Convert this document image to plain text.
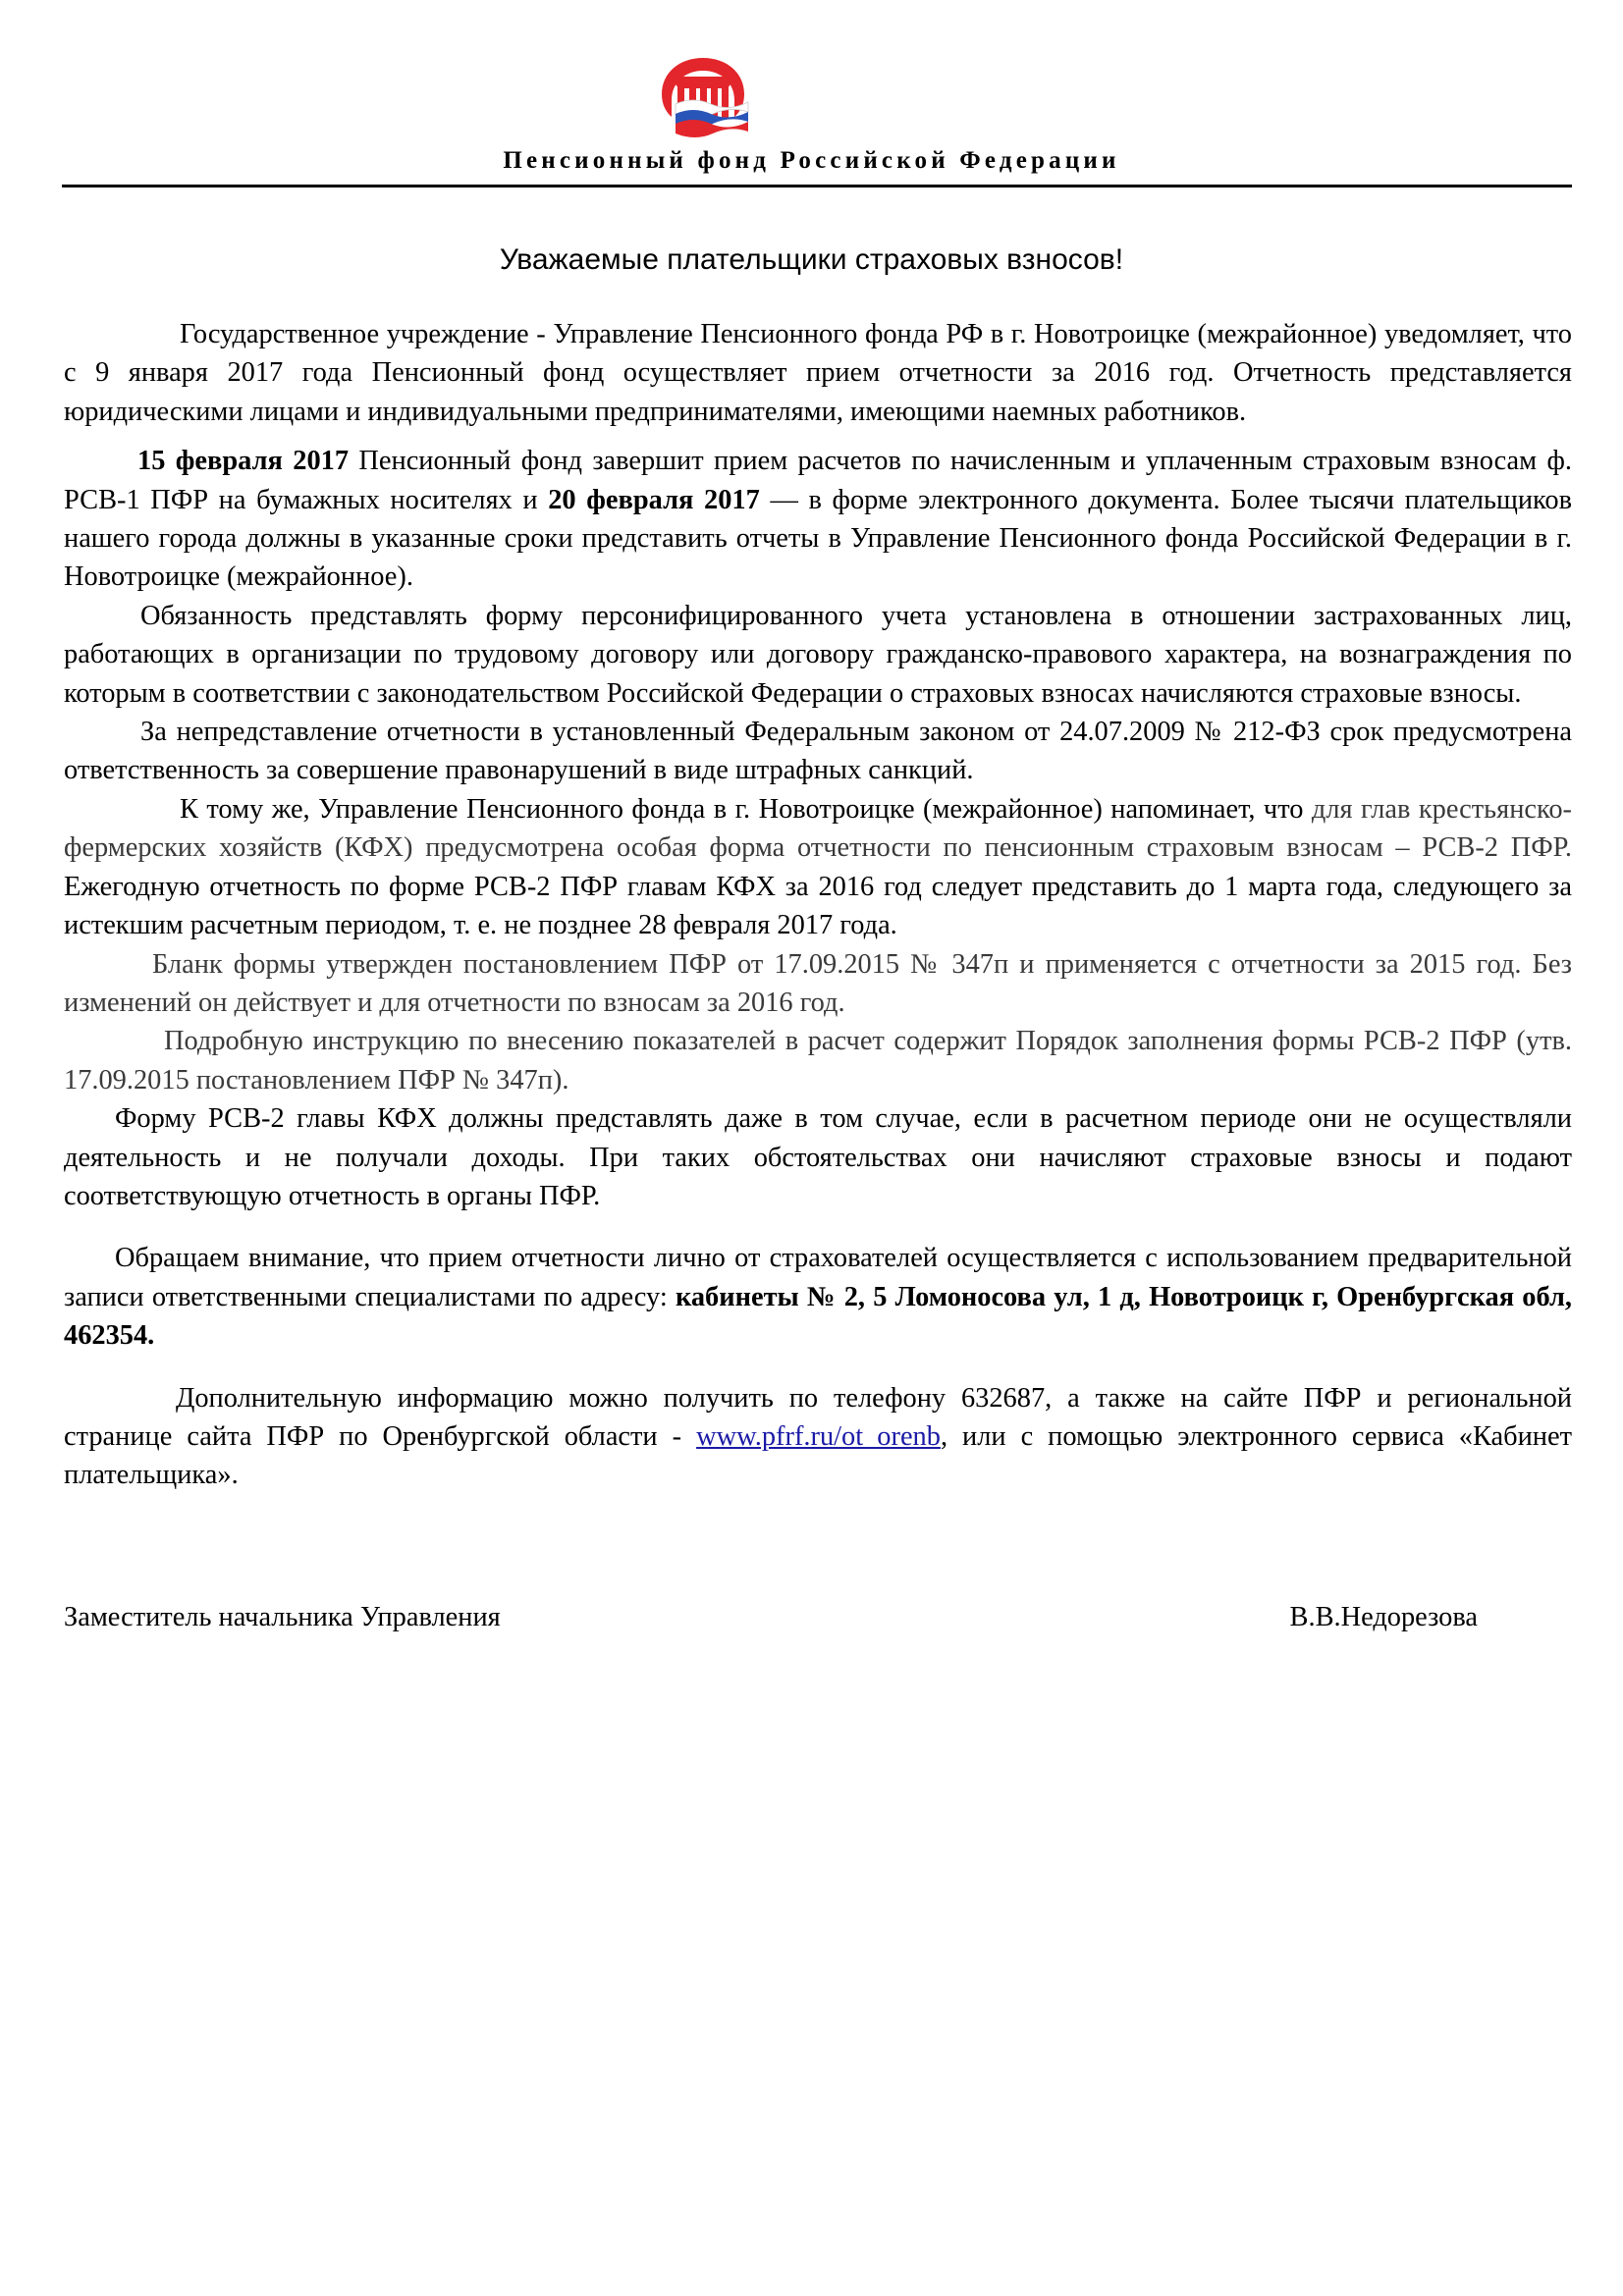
Пенсионный фонд Российской Федерации
Уважаемые плательщики страховых взносов!

Государственное учреждение - Управление Пенсионного фонда РФ в г. Новотроицке (межрайонное) уведомляет, что с 9 января 2017 года Пенсионный фонд осуществляет прием отчетности за 2016 год. Отчетность представляется юридическими лицами и индивидуальными предпринимателями, имеющими наемных работников.

15 февраля 2017 Пенсионный фонд завершит прием расчетов по начисленным и уплаченным страховым взносам ф. РСВ-1 ПФР на бумажных носителях и 20 февраля 2017 — в форме электронного документа. Более тысячи плательщиков нашего города должны в указанные сроки представить отчеты в Управление Пенсионного фонда Российской Федерации в г. Новотроицке (межрайонное).

Обязанность представлять форму персонифицированного учета установлена в отношении застрахованных лиц, работающих в организации по трудовому договору или договору гражданско-правового характера, на вознаграждения по которым в соответствии с законодательством Российской Федерации о страховых взносах начисляются страховые взносы.

За непредставление отчетности в установленный Федеральным законом от 24.07.2009 № 212-ФЗ срок предусмотрена ответственность за совершение правонарушений в виде штрафных санкций.

К тому же, Управление Пенсионного фонда в г. Новотроицке (межрайонное) напоминает, что для глав крестьянско-фермерских хозяйств (КФХ) предусмотрена особая форма отчетности по пенсионным страховым взносам – РСВ-2 ПФР. Ежегодную отчетность по форме РСВ-2 ПФР главам КФХ за 2016 год следует представить до 1 марта года, следующего за истекшим расчетным периодом, т. е. не позднее 28 февраля 2017 года.

Бланк формы утвержден постановлением ПФР от 17.09.2015 № 347п и применяется с отчетности за 2015 год. Без изменений он действует и для отчетности по взносам за 2016 год.

Подробную инструкцию по внесению показателей в расчет содержит Порядок заполнения формы РСВ-2 ПФР (утв. 17.09.2015 постановлением ПФР № 347п).

Форму РСВ-2 главы КФХ должны представлять даже в том случае, если в расчетном периоде они не осуществляли деятельность и не получали доходы. При таких обстоятельствах они начисляют страховые взносы и подают соответствующую отчетность в органы ПФР.

Обращаем внимание, что прием отчетности лично от страхователей осуществляется с использованием предварительной записи ответственными специалистами по адресу: кабинеты № 2, 5 Ломоносова ул, 1 д, Новотроицк г, Оренбургская обл, 462354.

Дополнительную информацию можно получить по телефону 632687, а также на сайте ПФР и региональной странице сайта ПФР по Оренбургской области - www.pfrf.ru/ot_orenb, или с помощью электронного сервиса «Кабинет плательщика».

Заместитель начальника Управления	В.В.Недорезова
